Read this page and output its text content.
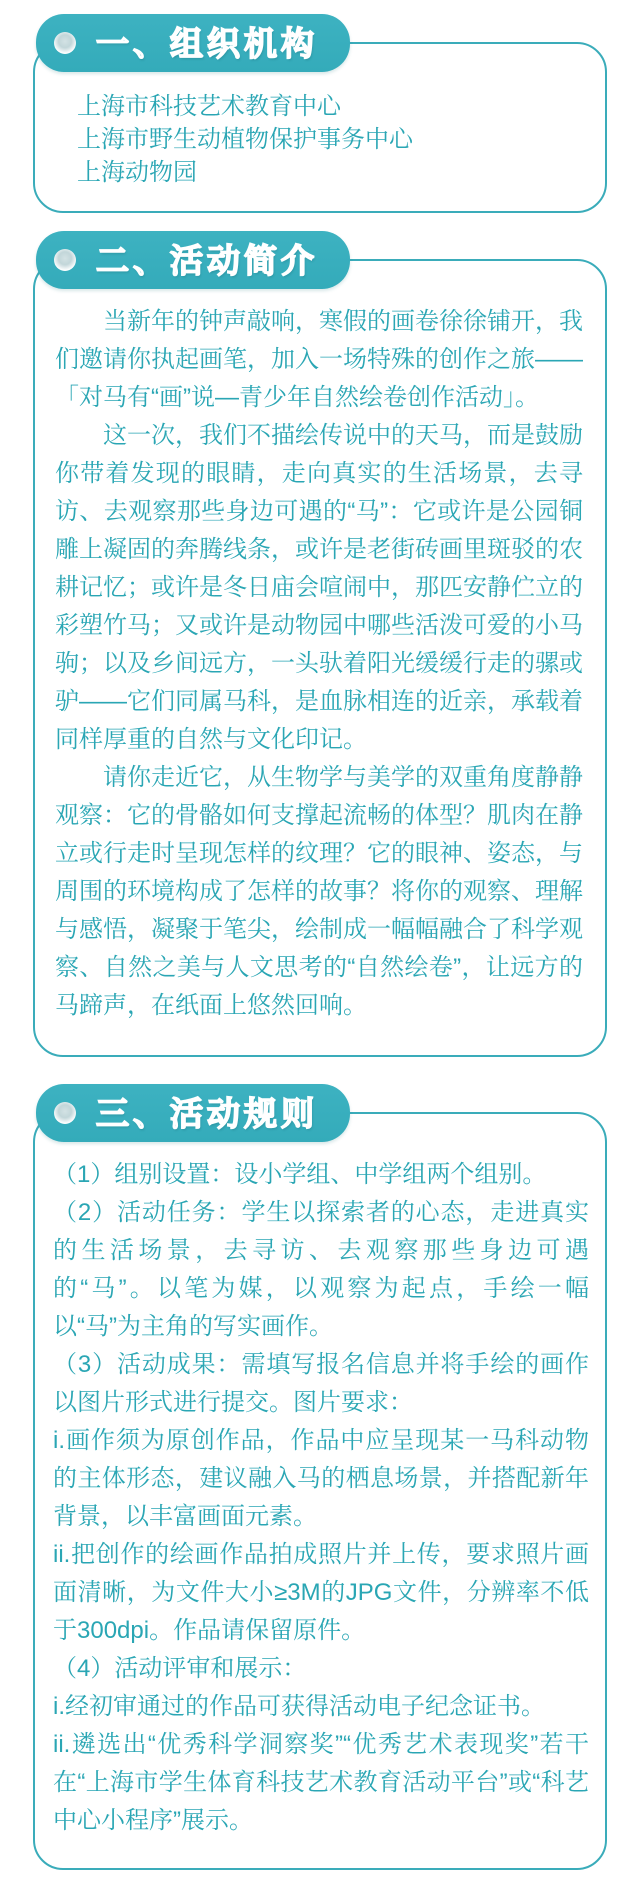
一、组织机构
上海市科技艺术教育中心
上海市野生动植物保护事务中心
上海动物园
二、活动简介

当新年的钟声敲响，寒假的画卷徐徐铺开，我们邀请你执起画笔，加入一场特殊的创作之旅——「对马有“画”说—青少年自然绘卷创作活动」。

这一次，我们不描绘传说中的天马，而是鼓励你带着发现的眼睛，走向真实的生活场景，去寻访、去观察那些身边可遇的“马”：它或许是公园铜雕上凝固的奔腾线条，或许是老街砖画里斑驳的农耕记忆；或许是冬日庙会喧闹中，那匹安静伫立的彩塑竹马；又或许是动物园中哪些活泼可爱的小马驹；以及乡间远方，一头驮着阳光缓缓行走的骡或驴——它们同属马科，是血脉相连的近亲，承载着同样厚重的自然与文化印记。

请你走近它，从生物学与美学的双重角度静静观察：它的骨骼如何支撑起流畅的体型？肌肉在静立或行走时呈现怎样的纹理？它的眼神、姿态，与周围的环境构成了怎样的故事？将你的观察、理解与感悟，凝聚于笔尖，绘制成一幅幅融合了科学观察、自然之美与人文思考的“自然绘卷”，让远方的马蹄声，在纸面上悠然回响。

三、活动规则
（1）组别设置：设小学组、中学组两个组别。
（2）活动任务：学生以探索者的心态，走进真实的生活场景，去寻访、去观察那些身边可遇的“马”。以笔为媒，以观察为起点，手绘一幅以“马”为主角的写实画作。
（3）活动成果：需填写报名信息并将手绘的画作以图片形式进行提交。图片要求：
i.画作须为原创作品，作品中应呈现某一马科动物的主体形态，建议融入马的栖息场景，并搭配新年背景，以丰富画面元素。
ii.把创作的绘画作品拍成照片并上传，要求照片画面清晰，为文件大小≥3M的JPG文件，分辨率不低于300dpi。作品请保留原件。
（4）活动评审和展示：
i.经初审通过的作品可获得活动电子纪念证书。
ii.遴选出“优秀科学洞察奖”“优秀艺术表现奖”若干在“上海市学生体育科技艺术教育活动平台”或“科艺中心小程序”展示。
